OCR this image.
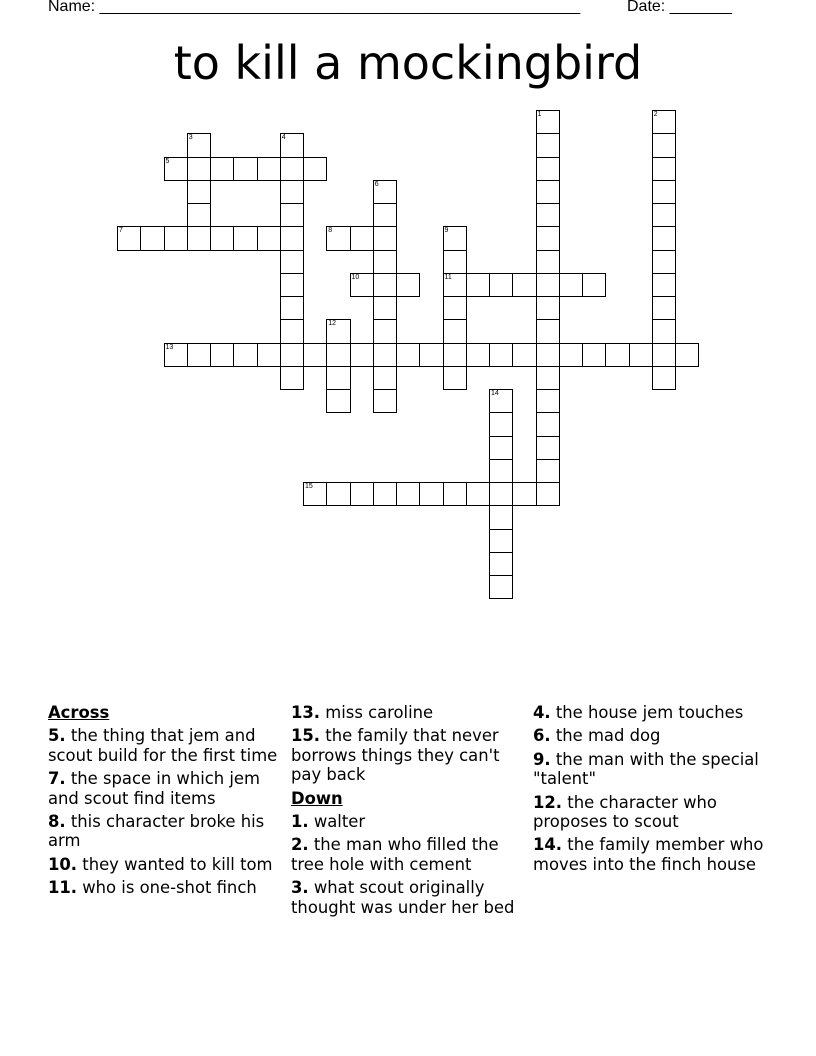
Name: ______________________________________________________	Date: _______
to kill a mockingbird
1	2
3	4
5
6
7	8	9
11
10
12
13
14
15
Across
5. the thing that jem and scout build for the first time
7. the space in which jem and scout find items
8. this character broke his arm
10. they wanted to kill tom
11. who is one-shot finch
13. miss caroline
15. the family that never borrows things they can't pay back
Down
1. walter
2. the man who filled the tree hole with cement
3. what scout originally thought was under her bed
4. the house jem touches
6. the mad dog
9. the man with the special "talent"
12. the character who proposes to scout
14. the family member who moves into the finch house
